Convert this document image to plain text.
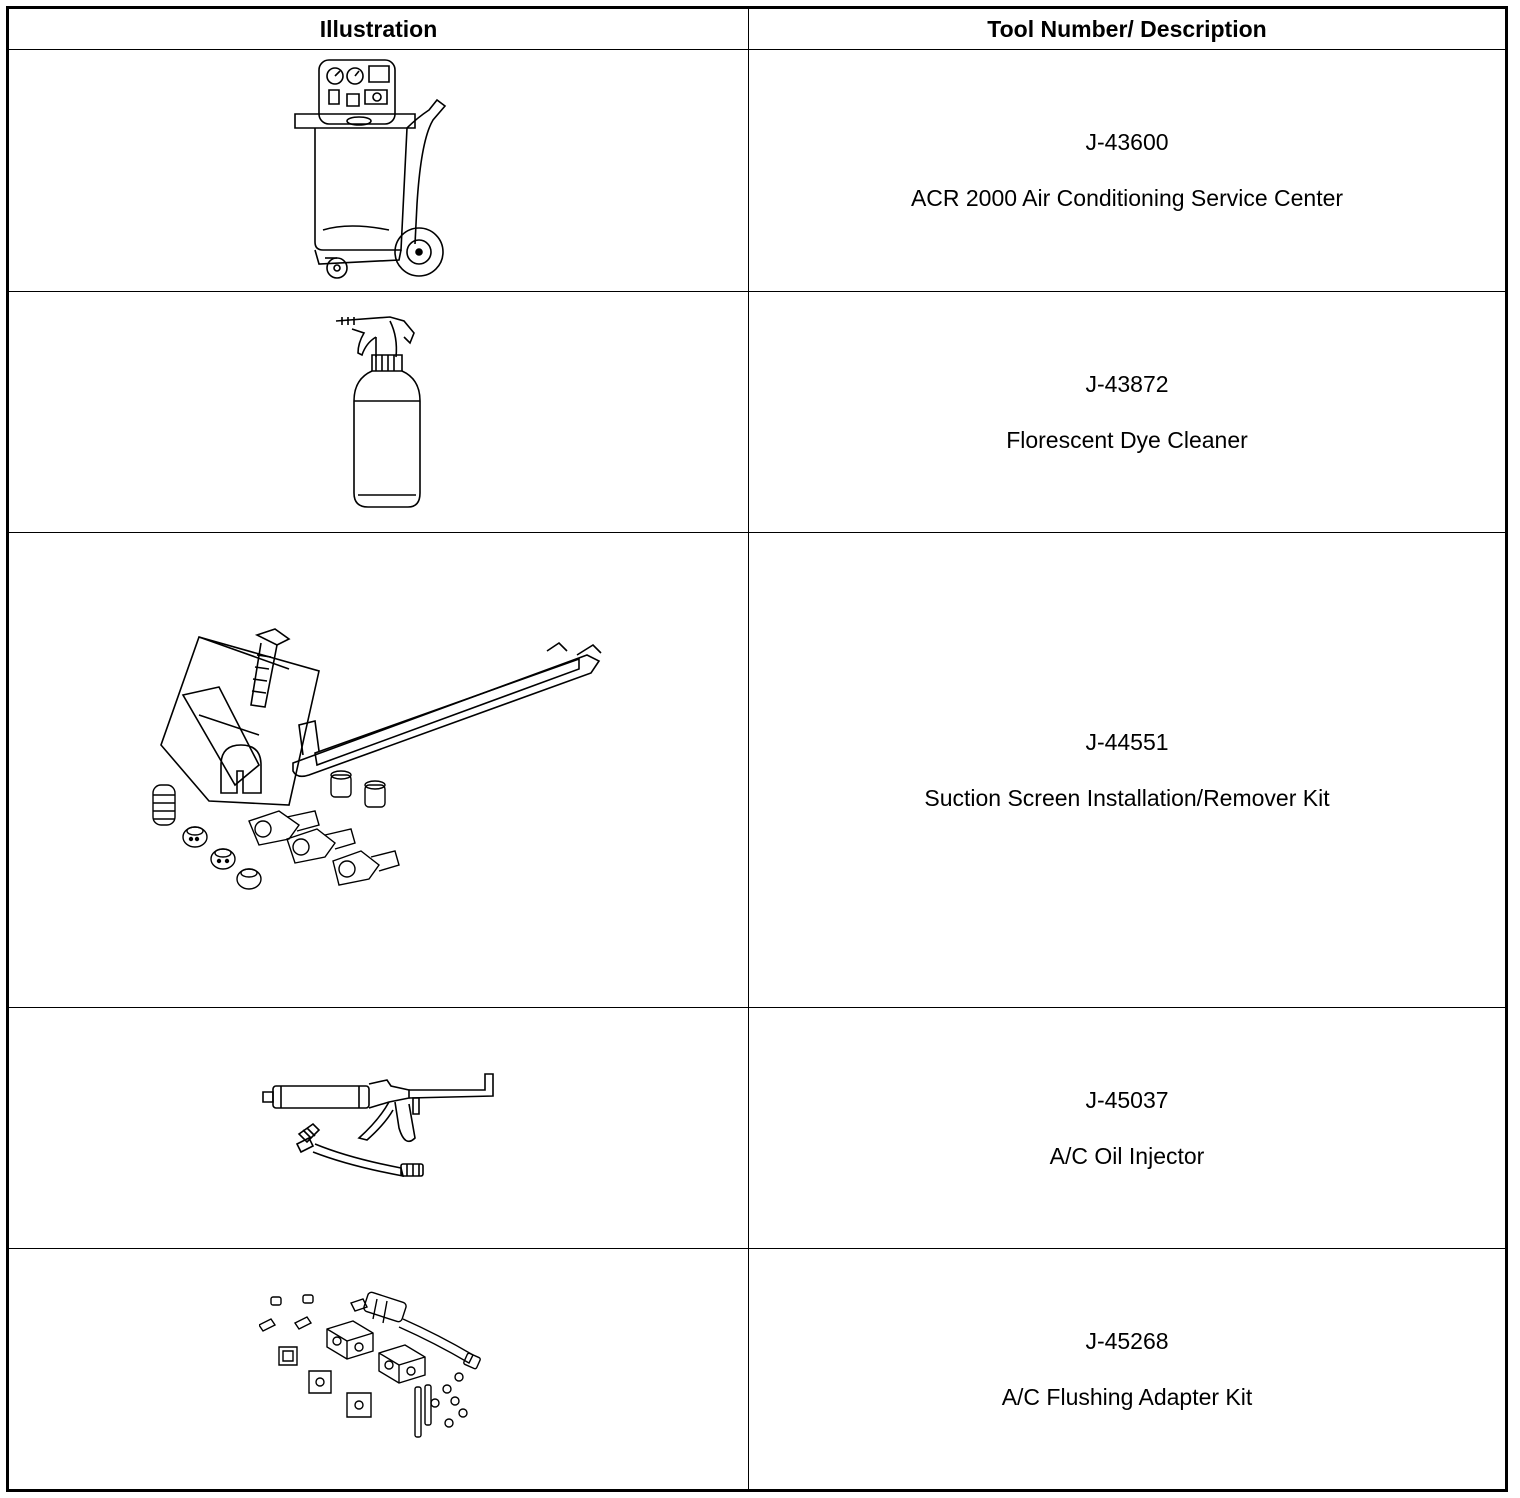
Illustration	Tool Number/ Description

J-43600
ACR 2000 Air Conditioning Service Center

J-43872
Florescent Dye Cleaner

J-44551
Suction Screen Installation/Remover Kit

J-45037
A/C Oil Injector

J-45268
A/C Flushing Adapter Kit
